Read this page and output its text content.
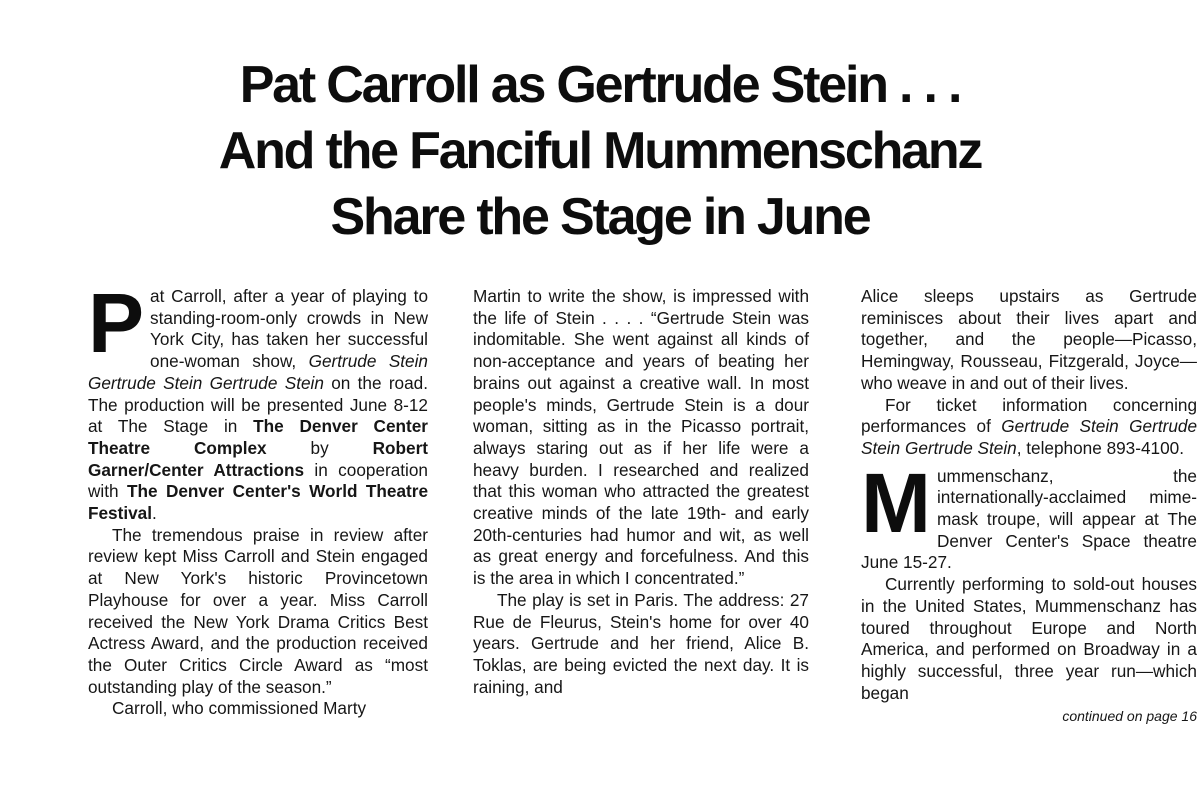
Pat Carroll as Gertrude Stein . . .
And the Fanciful Mummenschanz
Share the Stage in June

Pat Carroll, after a year of playing to standing-room-only crowds in New York City, has taken her successful one-woman show, Gertrude Stein Gertrude Stein Gertrude Stein on the road. The production will be presented June 8-12 at The Stage in The Denver Center Theatre Complex by Robert Garner/Center Attractions in cooperation with The Denver Center's World Theatre Festival.

The tremendous praise in review after review kept Miss Carroll and Stein engaged at New York's historic Provincetown Playhouse for over a year. Miss Carroll received the New York Drama Critics Best Actress Award, and the production received the Outer Critics Circle Award as “most outstanding play of the season.”

Carroll, who commissioned Marty

Martin to write the show, is impressed with the life of Stein . . . . “Gertrude Stein was indomitable. She went against all kinds of non-acceptance and years of beating her brains out against a creative wall. In most people's minds, Gertrude Stein is a dour woman, sitting as in the Picasso portrait, always staring out as if her life were a heavy burden. I researched and realized that this woman who attracted the greatest creative minds of the late 19th- and early 20th-centuries had humor and wit, as well as great energy and forcefulness. And this is the area in which I concentrated.”

The play is set in Paris. The address: 27 Rue de Fleurus, Stein's home for over 40 years. Gertrude and her friend, Alice B. Toklas, are being evicted the next day. It is raining, and

Alice sleeps upstairs as Gertrude reminisces about their lives apart and together, and the people—Picasso, Hemingway, Rousseau, Fitzgerald, Joyce—who weave in and out of their lives.

For ticket information concerning performances of Gertrude Stein Gertrude Stein Gertrude Stein, telephone 893-4100.

Mummenschanz, the internationally-acclaimed mime-mask troupe, will appear at The Denver Center's Space theatre June 15-27.

Currently performing to sold-out houses in the United States, Mummenschanz has toured throughout Europe and North America, and performed on Broadway in a highly successful, three year run—which began

continued on page 16
